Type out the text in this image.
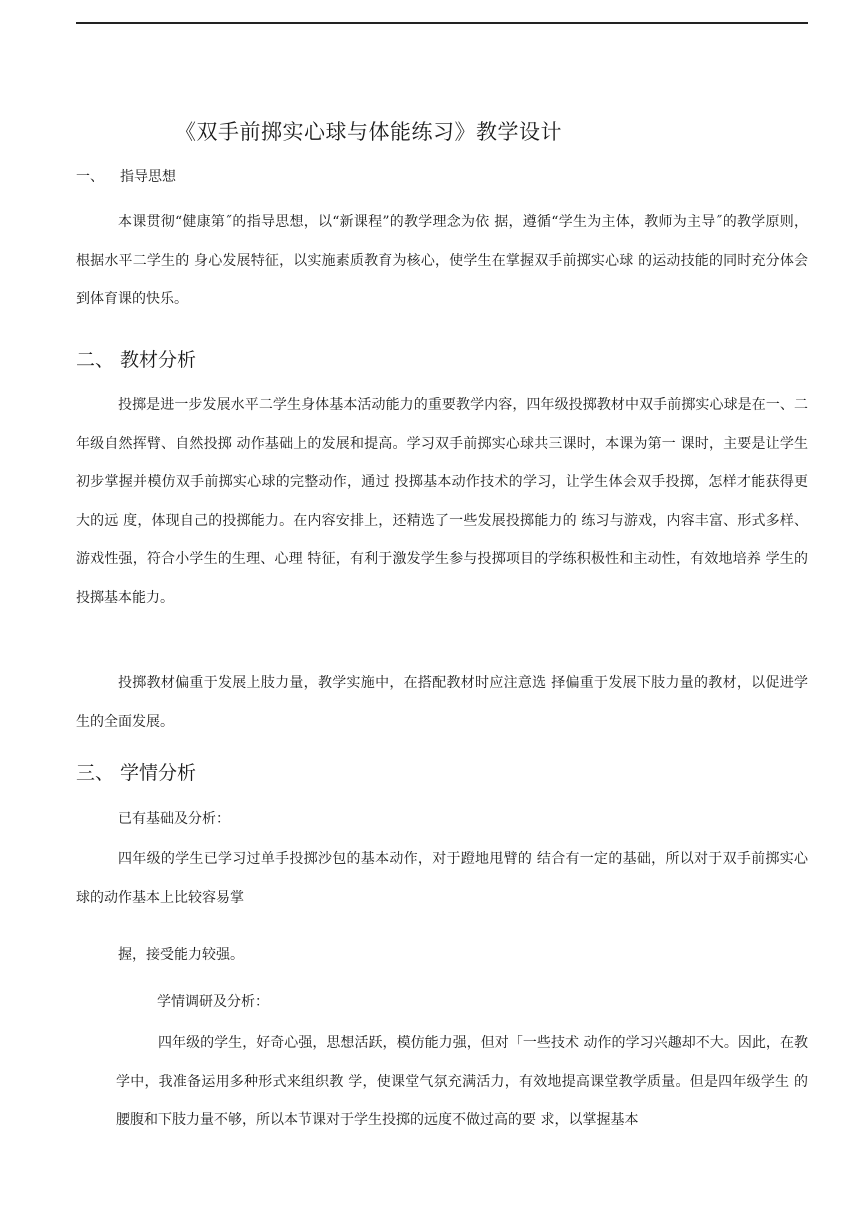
《双手前掷实心球与体能练习》教学设计
一、 指导思想
本课贯彻“健康第˝的指导思想，以“新课程”的教学理念为依 据，遵循“学生为主体，教师为主导˝的教学原则，根据水平二学生的 身心发展特征，以实施素质教育为核心，使学生在掌握双手前掷实心球 的运动技能的同时充分体会到体育课的快乐。
二、 教材分析
投掷是进一步发展水平二学生身体基本活动能力的重要教学内容，四年级投掷教材中双手前掷实心球是在一、二年级自然挥臂、自然投掷 动作基础上的发展和提高。学习双手前掷实心球共三课时，本课为第一 课时，主要是让学生初步掌握并模仿双手前掷实心球的完整动作，通过 投掷基本动作技术的学习，让学生体会双手投掷，怎样才能获得更大的远 度，体现自己的投掷能力。在内容安排上，还精选了一些发展投掷能力的 练习与游戏，内容丰富、形式多样、游戏性强，符合小学生的生理、心理 特征，有利于激发学生参与投掷项目的学练积极性和主动性，有效地培养 学生的投掷基本能力。
投掷教材偏重于发展上肢力量，教学实施中，在搭配教材时应注意选 择偏重于发展下肢力量的教材，以促进学生的全面发展。
三、 学情分析
已有基础及分析：
四年级的学生已学习过单手投掷沙包的基本动作，对于蹬地甩臂的 结合有一定的基础，所以对于双手前掷实心球的动作基本上比较容易掌
握，接受能力较强。
学情调研及分析：
四年级的学生，好奇心强，思想活跃，模仿能力强，但对「一些技术 动作的学习兴趣却不大。因此，在教学中，我准备运用多种形式来组织教 学，使课堂气氛充满活力，有效地提高课堂教学质量。但是四年级学生 的腰腹和下肢力量不够，所以本节课对于学生投掷的远度不做过高的要 求，以掌握基本
